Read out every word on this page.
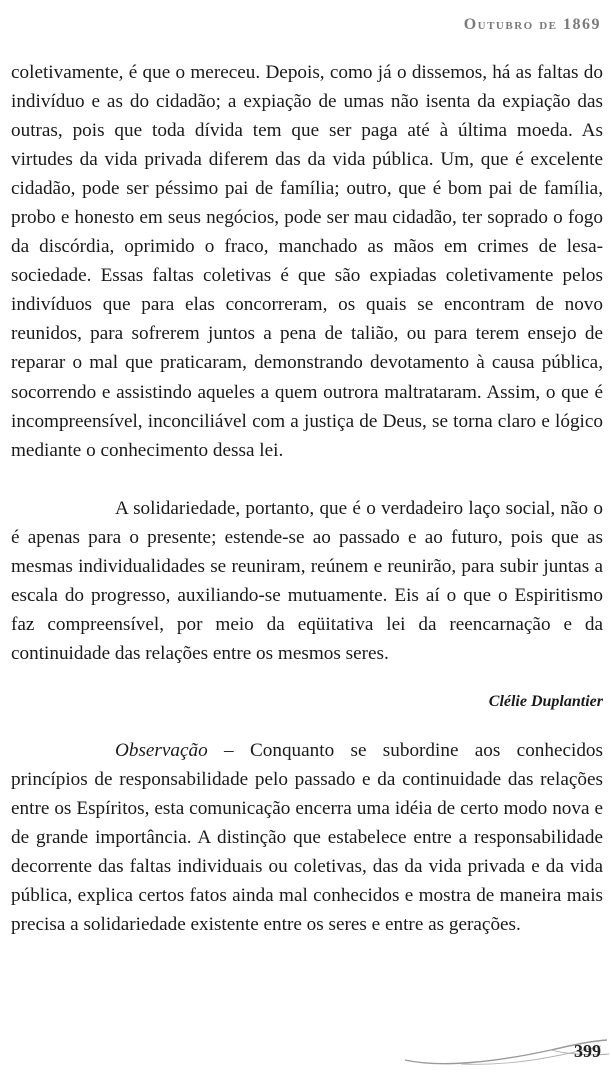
Outubro de 1869

coletivamente, é que o mereceu. Depois, como já o dissemos, há as faltas do indivíduo e as do cidadão; a expiação de umas não isenta da expiação das outras, pois que toda dívida tem que ser paga até à última moeda. As virtudes da vida privada diferem das da vida pública. Um, que é excelente cidadão, pode ser péssimo pai de família; outro, que é bom pai de família, probo e honesto em seus negócios, pode ser mau cidadão, ter soprado o fogo da discórdia, oprimido o fraco, manchado as mãos em crimes de lesa-sociedade. Essas faltas coletivas é que são expiadas coletivamente pelos indivíduos que para elas concorreram, os quais se encontram de novo reunidos, para sofrerem juntos a pena de talião, ou para terem ensejo de reparar o mal que praticaram, demonstrando devotamento à causa pública, socorrendo e assistindo aqueles a quem outrora maltrataram. Assim, o que é incompreensível, inconciliável com a justiça de Deus, se torna claro e lógico mediante o conhecimento dessa lei.

A solidariedade, portanto, que é o verdadeiro laço social, não o é apenas para o presente; estende-se ao passado e ao futuro, pois que as mesmas individualidades se reuniram, reúnem e reunirão, para subir juntas a escala do progresso, auxiliando-se mutuamente. Eis aí o que o Espiritismo faz compreensível, por meio da eqüitativa lei da reencarnação e da continuidade das relações entre os mesmos seres.

Clélie Duplantier

Observação – Conquanto se subordine aos conhecidos princípios de responsabilidade pelo passado e da continuidade das relações entre os Espíritos, esta comunicação encerra uma idéia de certo modo nova e de grande importância. A distinção que estabelece entre a responsabilidade decorrente das faltas individuais ou coletivas, das da vida privada e da vida pública, explica certos fatos ainda mal conhecidos e mostra de maneira mais precisa a solidariedade existente entre os seres e entre as gerações.

399
